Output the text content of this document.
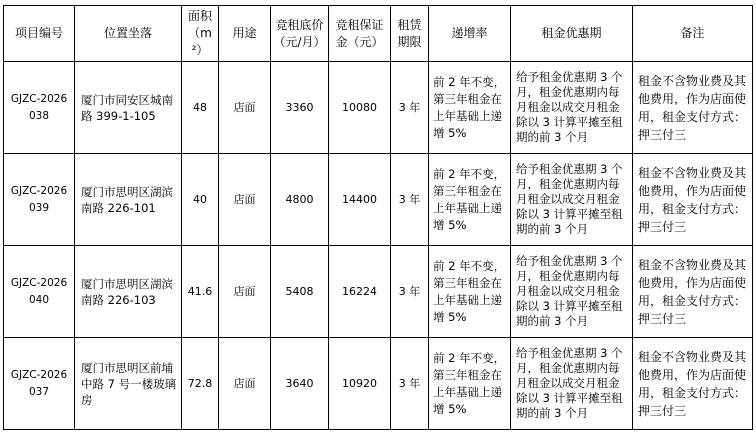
项目编号	位置坐落	面积（m²）	用途	竞租底价（元/月）	竞租保证金（元）	租赁期限	递增率	租金优惠期	备注
GJZC-2026 038	厦门市同安区城南路 399-1-105	48	店面	3360	10080	3 年	前 2 年不变，第三年租金在上年基础上递增 5%	给予租金优惠期 3 个月，租金优惠期内每月租金以成交月租金除以 3 计算平摊至租期的前 3 个月	租金不含物业费及其他费用，作为店面使用，租金支付方式：押三付三
GJZC-2026 039	厦门市思明区湖滨南路 226-101	40	店面	4800	14400	3 年	前 2 年不变，第三年租金在上年基础上递增 5%	给予租金优惠期 3 个月，租金优惠期内每月租金以成交月租金除以 3 计算平摊至租期的前 3 个月	租金不含物业费及其他费用，作为店面使用，租金支付方式：押三付三
GJZC-2026 040	厦门市思明区湖滨南路 226-103	41.6	店面	5408	16224	3 年	前 2 年不变，第三年租金在上年基础上递增 5%	给予租金优惠期 3 个月，租金优惠期内每月租金以成交月租金除以 3 计算平摊至租期的前 3 个月	租金不含物业费及其他费用，作为店面使用，租金支付方式：押三付三
GJZC-2026 037	厦门市思明区前埔中路 7 号一楼玻璃房	72.8	店面	3640	10920	3 年	前 2 年不变，第三年租金在上年基础上递增 5%	给予租金优惠期 3 个月，租金优惠期内每月租金以成交月租金除以 3 计算平摊至租期的前 3 个月	租金不含物业费及其他费用，作为店面使用，租金支付方式：押三付三
